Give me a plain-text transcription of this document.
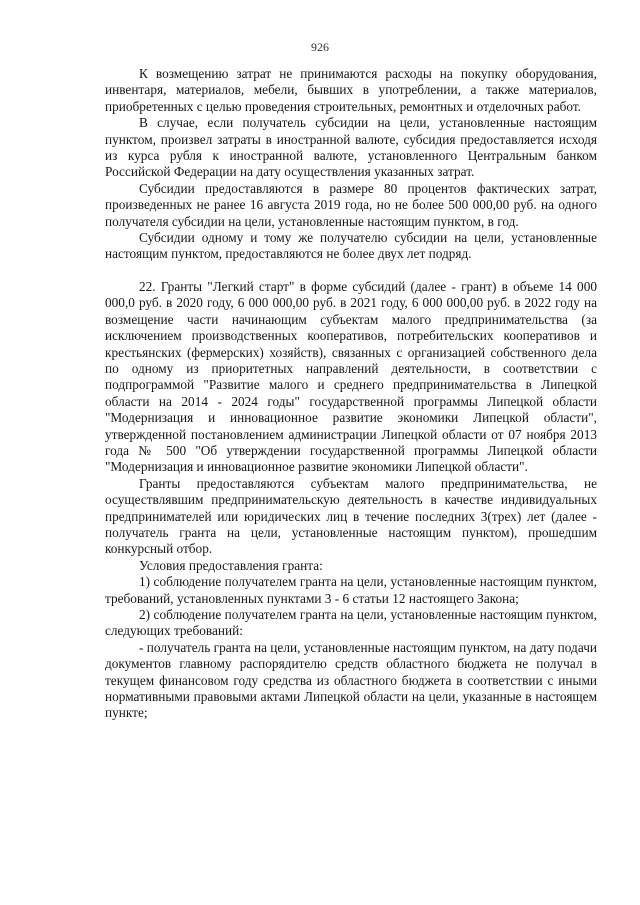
926

К возмещению затрат не принимаются расходы на покупку оборудования, инвентаря, материалов, мебели, бывших в употреблении, а также материалов, приобретенных с целью проведения строительных, ремонтных и отделочных работ.

В случае, если получатель субсидии на цели, установленные настоящим пунктом, произвел затраты в иностранной валюте, субсидия предоставляется исходя из курса рубля к иностранной валюте, установленного Центральным банком Российской Федерации на дату осуществления указанных затрат.

Субсидии предоставляются в размере 80 процентов фактических затрат, произведенных не ранее 16 августа 2019 года, но не более 500 000,00 руб. на одного получателя субсидии на цели, установленные настоящим пунктом, в год.

Субсидии одному и тому же получателю субсидии на цели, установленные настоящим пунктом, предоставляются не более двух лет подряд.

22. Гранты "Легкий старт" в форме субсидий (далее - грант) в объеме 14 000 000,0 руб. в 2020 году, 6 000 000,00 руб. в 2021 году, 6 000 000,00 руб. в 2022 году на возмещение части начинающим субъектам малого предпринимательства (за исключением производственных кооперативов, потребительских кооперативов и крестьянских (фермерских) хозяйств), связанных с организацией собственного дела по одному из приоритетных направлений деятельности, в соответствии с подпрограммой "Развитие малого и среднего предпринимательства в Липецкой области на 2014 - 2024 годы" государственной программы Липецкой области "Модернизация и инновационное развитие экономики Липецкой области", утвержденной постановлением администрации Липецкой области от 07 ноября 2013 года № 500 "Об утверждении государственной программы Липецкой области "Модернизация и инновационное развитие экономики Липецкой области".

Гранты предоставляются субъектам малого предпринимательства, не осуществлявшим предпринимательскую деятельность в качестве индивидуальных предпринимателей или юридических лиц в течение последних 3(трех) лет (далее - получатель гранта на цели, установленные настоящим пунктом), прошедшим конкурсный отбор.

Условия предоставления гранта:

1) соблюдение получателем гранта на цели, установленные настоящим пунктом, требований, установленных пунктами 3 - 6 статьи 12 настоящего Закона;

2) соблюдение получателем гранта на цели, установленные настоящим пунктом, следующих требований:

- получатель гранта на цели, установленные настоящим пунктом, на дату подачи документов главному распорядителю средств областного бюджета не получал в текущем финансовом году средства из областного бюджета в соответствии с иными нормативными правовыми актами Липецкой области на цели, указанные в настоящем пункте;
